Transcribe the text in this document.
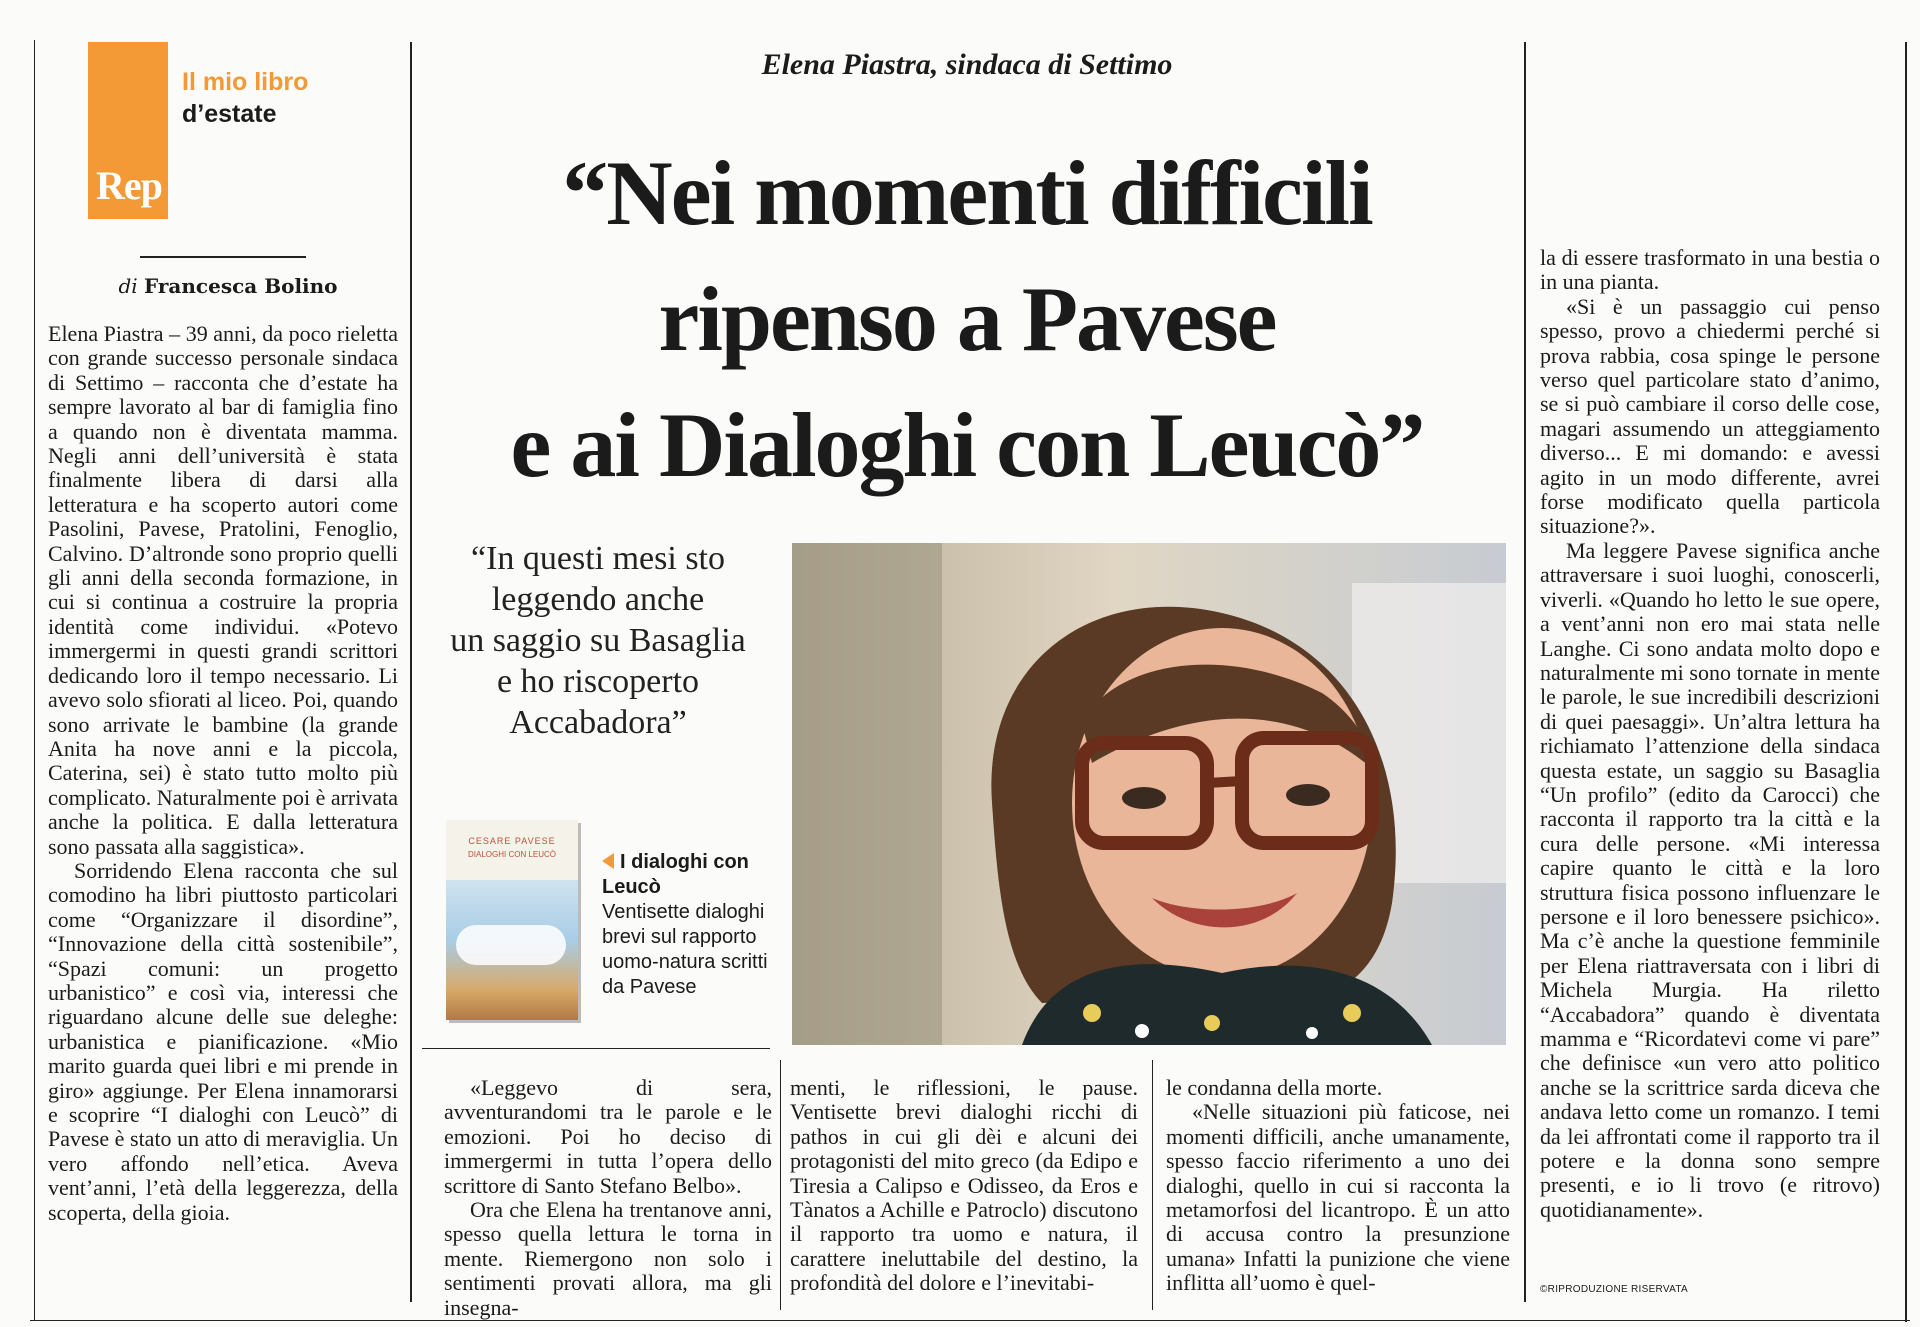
Rep
Il mio libro
d’estate
di Francesca Bolino

Elena Piastra – 39 anni, da poco rieletta con grande successo personale sindaca di Settimo – racconta che d’estate ha sempre lavorato al bar di famiglia fino a quando non è diventata mamma. Negli anni dell’università è stata finalmente libera di darsi alla letteratura e ha scoperto autori come Pasolini, Pavese, Pratolini, Fenoglio, Calvino. D’altronde sono proprio quelli gli anni della seconda formazione, in cui si continua a costruire la propria identità come individui. «Potevo immergermi in questi grandi scrittori dedicando loro il tempo necessario. Li avevo solo sfiorati al liceo. Poi, quando sono arrivate le bambine (la grande Anita ha nove anni e la piccola, Caterina, sei) è stato tutto molto più complicato. Naturalmente poi è arrivata anche la politica. E dalla letteratura sono passata alla saggistica».

Sorridendo Elena racconta che sul comodino ha libri piuttosto particolari come “Organizzare il disordine”, “Innovazione della città sostenibile”, “Spazi comuni: un progetto urbanistico” e così via, interessi che riguardano alcune delle sue deleghe: urbanistica e pianificazione. «Mio marito guarda quei libri e mi prende in giro» aggiunge. Per Elena innamorarsi e scoprire “I dialoghi con Leucò” di Pavese è stato un atto di meraviglia. Un vero affondo nell’etica. Aveva vent’anni, l’età della leggerezza, della scoperta, della gioia.

Elena Piastra, sindaca di Settimo
“Nei momenti difficili
ripenso a Pavese
e ai Dialoghi con Leucò”
“In questi mesi sto
leggendo anche
un saggio su Basaglia
e ho riscoperto
Accabadora”
CESARE PAVESE
DIALOGHI CON LEUCÒ	I dialoghi con Leucò
Ventisette dialoghi brevi sul rapporto uomo-natura scritti da Pavese

«Leggevo di sera, avventurandomi tra le parole e le emozioni. Poi ho deciso di immergermi in tutta l’opera dello scrittore di Santo Stefano Belbo».

Ora che Elena ha trentanove anni, spesso quella lettura le torna in mente. Riemergono non solo i sentimenti provati allora, ma gli insegna-

menti, le riflessioni, le pause. Ventisette brevi dialoghi ricchi di pathos in cui gli dèi e alcuni dei protagonisti del mito greco (da Edipo e Tiresia a Calipso e Odisseo, da Eros e Tànatos a Achille e Patroclo) discutono il rapporto tra uomo e natura, il carattere ineluttabile del destino, la profondità del dolore e l’inevitabi-

le condanna della morte.

«Nelle situazioni più faticose, nei momenti difficili, anche umanamente, spesso faccio riferimento a uno dei dialoghi, quello in cui si racconta la metamorfosi del licantropo. È un atto di accusa contro la presunzione umana» Infatti la punizione che viene inflitta all’uomo è quel-

la di essere trasformato in una bestia o in una pianta.

«Si è un passaggio cui penso spesso, provo a chiedermi perché si prova rabbia, cosa spinge le persone verso quel particolare stato d’animo, se si può cambiare il corso delle cose, magari assumendo un atteggiamento diverso... E mi domando: e avessi agito in un modo differente, avrei forse modificato quella particola situazione?».

Ma leggere Pavese significa anche attraversare i suoi luoghi, conoscerli, viverli. «Quando ho letto le sue opere, a vent’anni non ero mai stata nelle Langhe. Ci sono andata molto dopo e naturalmente mi sono tornate in mente le parole, le sue incredibili descrizioni di quei paesaggi». Un’altra lettura ha richiamato l’attenzione della sindaca questa estate, un saggio su Basaglia “Un profilo” (edito da Carocci) che racconta il rapporto tra la città e la cura delle persone. «Mi interessa capire quanto le città e la loro struttura fisica possono influenzare le persone e il loro benessere psichico». Ma c’è anche la questione femminile per Elena riattraversata con i libri di Michela Murgia. Ha riletto “Accabadora” quando è diventata mamma e “Ricordatevi come vi pare” che definisce «un vero atto politico anche se la scrittrice sarda diceva che andava letto come un romanzo. I temi da lei affrontati come il rapporto tra il potere e la donna sono sempre presenti, e io li trovo (e ritrovo) quotidianamente».

©RIPRODUZIONE RISERVATA
